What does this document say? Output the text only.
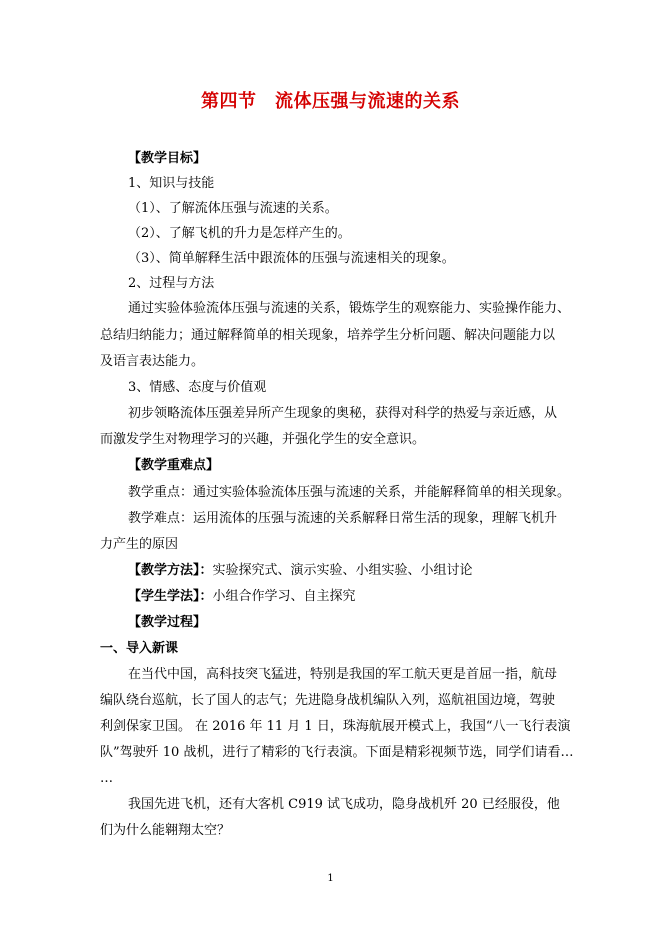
第四节　流体压强与流速的关系
【教学目标】
1、知识与技能
（1）、了解流体压强与流速的关系。
（2）、了解飞机的升力是怎样产生的。
（3）、简单解释生活中跟流体的压强与流速相关的现象。
2、过程与方法
通过实验体验流体压强与流速的关系，锻炼学生的观察能力、实验操作能力、
总结归纳能力；通过解释简单的相关现象，培养学生分析问题、解决问题能力以
及语言表达能力。
3、情感、态度与价值观
初步领略流体压强差异所产生现象的奥秘，获得对科学的热爱与亲近感，从
而激发学生对物理学习的兴趣，并强化学生的安全意识。
【教学重难点】
教学重点：通过实验体验流体压强与流速的关系，并能解释简单的相关现象。
教学难点：运用流体的压强与流速的关系解释日常生活的现象，理解飞机升
力产生的原因
【教学方法】：实验探究式、演示实验、小组实验、小组讨论
【学生学法】：小组合作学习、自主探究
【教学过程】
一、导入新课
在当代中国，高科技突飞猛进，特别是我国的军工航天更是首屈一指，航母
编队绕台巡航，长了国人的志气；先进隐身战机编队入列，巡航祖国边境，驾驶
利剑保家卫国。 在 2016 年 11 月 1 日，珠海航展开模式上，我国“八一飞行表演
队”驾驶歼 10 战机，进行了精彩的飞行表演。下面是精彩视频节选，同学们请看…
…
我国先进飞机，还有大客机 C919 试飞成功，隐身战机歼 20 已经服役，他
们为什么能翱翔太空？
1
